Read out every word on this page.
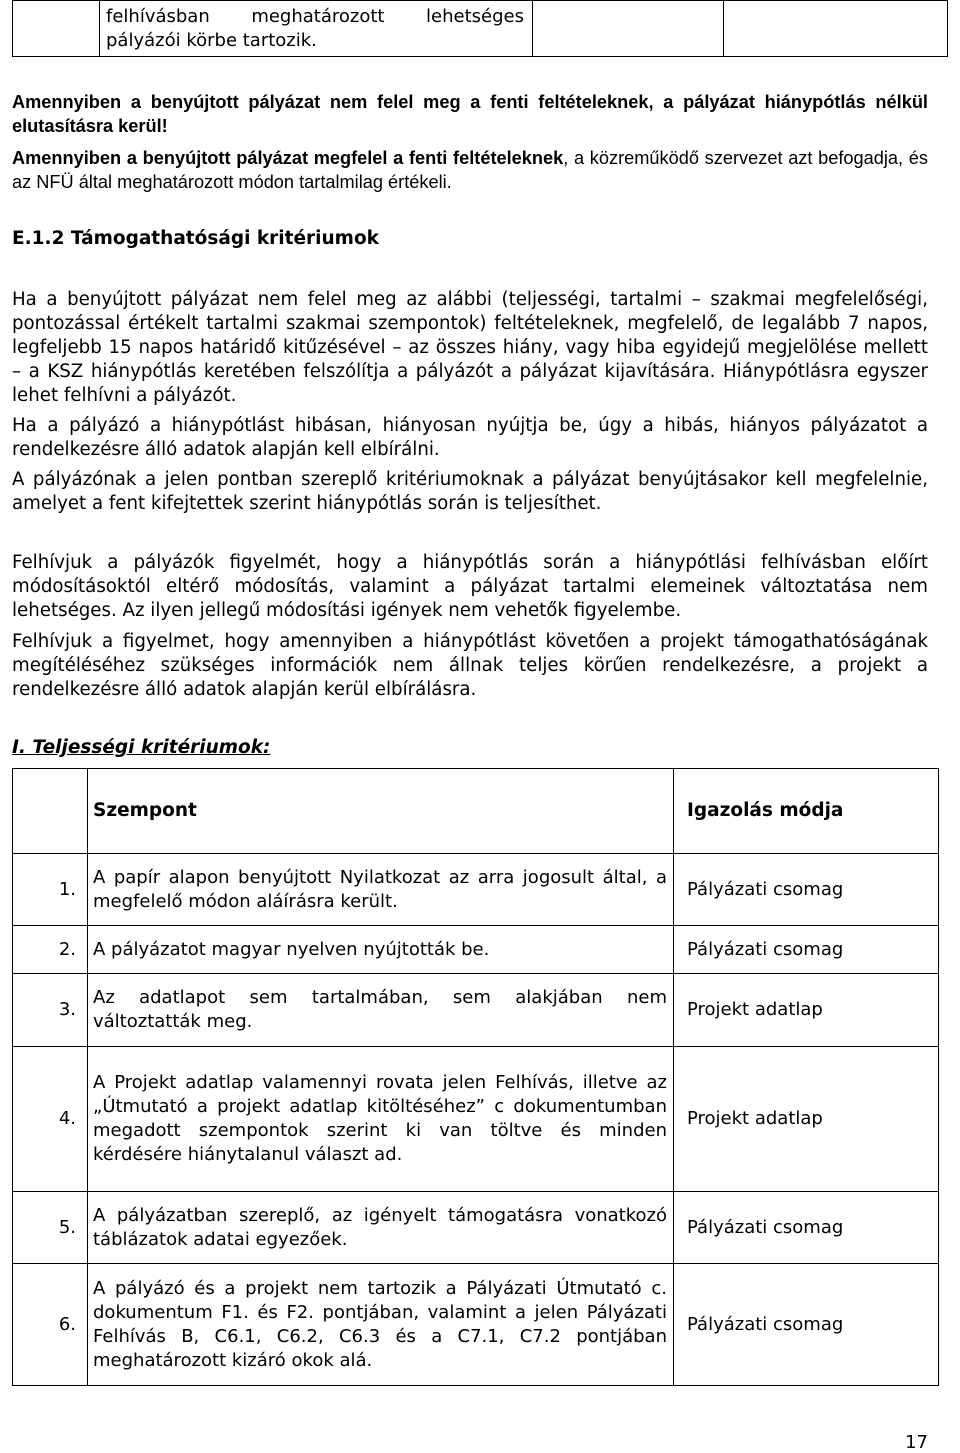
felhívásban meghatározott lehetséges
pályázói körbe tartozik.

Amennyiben a benyújtott pályázat nem felel meg a fenti feltételeknek, a pályázat hiánypótlás nélkül elutasításra kerül!

Amennyiben a benyújtott pályázat megfelel a fenti feltételeknek, a közreműködő szervezet azt befogadja, és az NFÜ által meghatározott módon tartalmilag értékeli.

E.1.2 Támogathatósági kritériumok

Ha a benyújtott pályázat nem felel meg az alábbi (teljességi, tartalmi – szakmai megfelelőségi, pontozással értékelt tartalmi szakmai szempontok) feltételeknek, megfelelő, de legalább 7 napos, legfeljebb 15 napos határidő kitűzésével – az összes hiány, vagy hiba egyidejű megjelölése mellett – a KSZ hiánypótlás keretében felszólítja a pályázót a pályázat kijavítására. Hiánypótlásra egyszer lehet felhívni a pályázót.

Ha a pályázó a hiánypótlást hibásan, hiányosan nyújtja be, úgy a hibás, hiányos pályázatot a rendelkezésre álló adatok alapján kell elbírálni.

A pályázónak a jelen pontban szereplő kritériumoknak a pályázat benyújtásakor kell megfelelnie, amelyet a fent kifejtettek szerint hiánypótlás során is teljesíthet.

Felhívjuk a pályázók figyelmét, hogy a hiánypótlás során a hiánypótlási felhívásban előírt módosításoktól eltérő módosítás, valamint a pályázat tartalmi elemeinek változtatása nem lehetséges. Az ilyen jellegű módosítási igények nem vehetők figyelembe.

Felhívjuk a figyelmet, hogy amennyiben a hiánypótlást követően a projekt támogathatóságának megítéléséhez szükséges információk nem állnak teljes körűen rendelkezésre, a projekt a rendelkezésre álló adatok alapján kerül elbírálásra.

I. Teljességi kritériumok:
	Szempont	Igazolás módja
1.	A papír alapon benyújtott Nyilatkozat az arra jogosult által, a megfelelő módon aláírásra került.	Pályázati csomag
2.	A pályázatot magyar nyelven nyújtották be.	Pályázati csomag
3.	Az adatlapot sem tartalmában, sem alakjában nem változtatták meg.	Projekt adatlap
4.	A Projekt adatlap valamennyi rovata jelen Felhívás, illetve az „Útmutató a projekt adatlap kitöltéséhez” c dokumentumban megadott szempontok szerint ki van töltve és minden kérdésére hiánytalanul választ ad.	Projekt adatlap
5.	A pályázatban szereplő, az igényelt támogatásra vonatkozó táblázatok adatai egyezőek.	Pályázati csomag
6.	A pályázó és a projekt nem tartozik a Pályázati Útmutató c. dokumentum F1. és F2. pontjában, valamint a jelen Pályázati Felhívás B, C6.1, C6.2, C6.3 és a C7.1, C7.2 pontjában meghatározott kizáró okok alá.	Pályázati csomag
17
